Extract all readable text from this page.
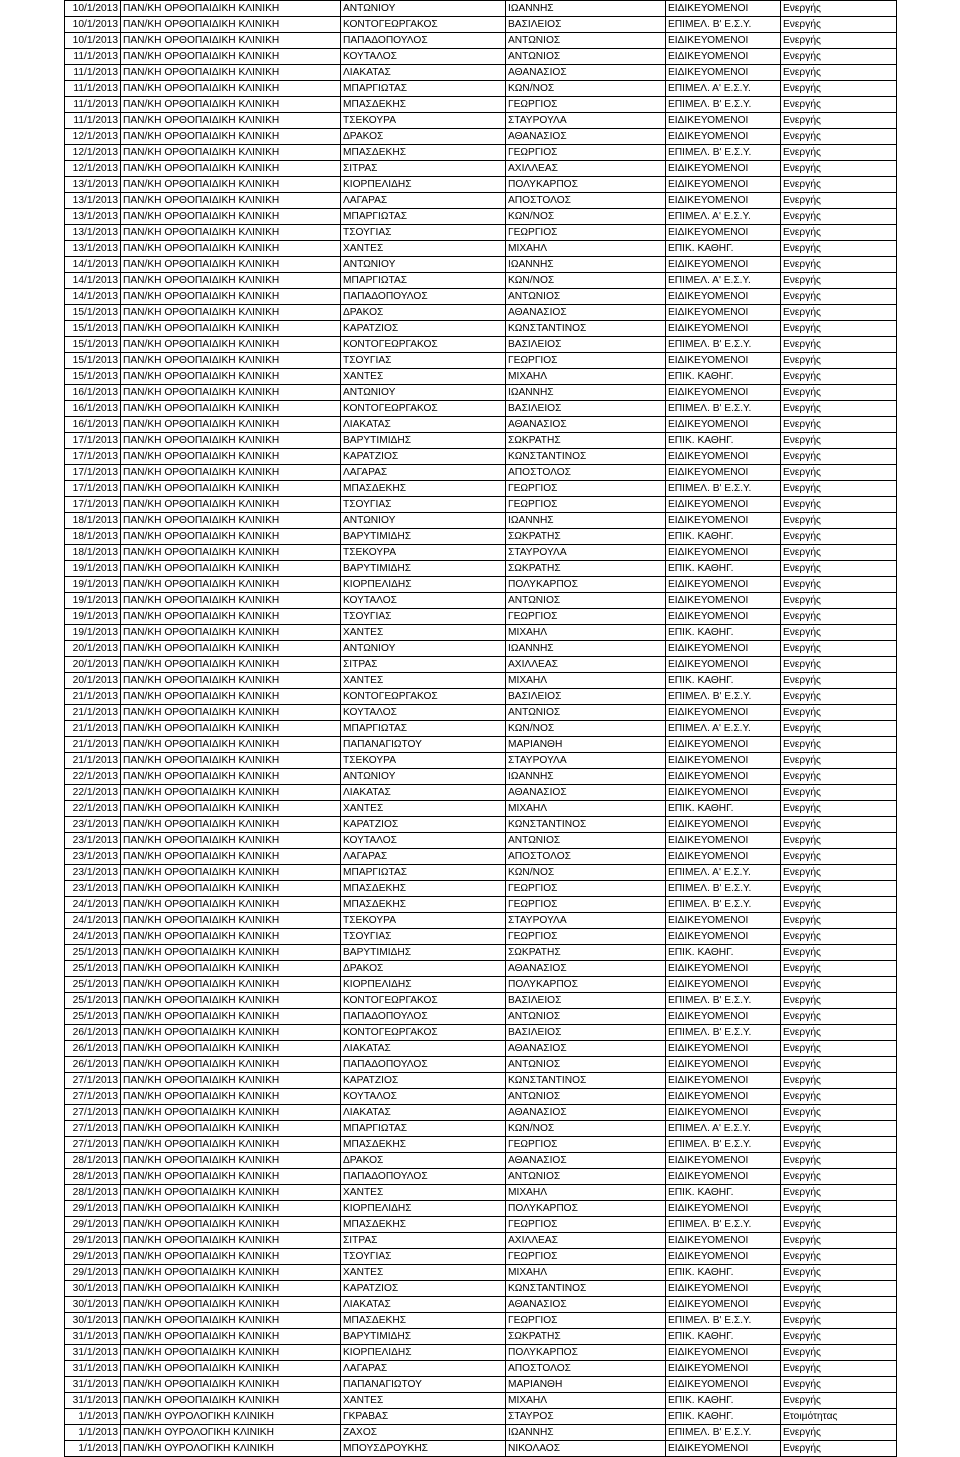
10/1/2013	ΠΑΝ/ΚΗ ΟΡΘΟΠΑΙΔΙΚΗ ΚΛΙΝΙΚΗ	ΑΝΤΩΝΙΟΥ	ΙΩΑΝΝΗΣ	ΕΙΔΙΚΕΥΟΜΕΝΟΙ	Ενεργής
10/1/2013	ΠΑΝ/ΚΗ ΟΡΘΟΠΑΙΔΙΚΗ ΚΛΙΝΙΚΗ	ΚΟΝΤΟΓΕΩΡΓΑΚΟΣ	ΒΑΣΙΛΕΙΟΣ	ΕΠΙΜΕΛ. Β' Ε.Σ.Υ.	Ενεργής
10/1/2013	ΠΑΝ/ΚΗ ΟΡΘΟΠΑΙΔΙΚΗ ΚΛΙΝΙΚΗ	ΠΑΠΑΔΟΠΟΥΛΟΣ	ΑΝΤΩΝΙΟΣ	ΕΙΔΙΚΕΥΟΜΕΝΟΙ	Ενεργής
11/1/2013	ΠΑΝ/ΚΗ ΟΡΘΟΠΑΙΔΙΚΗ ΚΛΙΝΙΚΗ	ΚΟΥΤΑΛΟΣ	ΑΝΤΩΝΙΟΣ	ΕΙΔΙΚΕΥΟΜΕΝΟΙ	Ενεργής
11/1/2013	ΠΑΝ/ΚΗ ΟΡΘΟΠΑΙΔΙΚΗ ΚΛΙΝΙΚΗ	ΛΙΑΚΑΤΑΣ	ΑΘΑΝΑΣΙΟΣ	ΕΙΔΙΚΕΥΟΜΕΝΟΙ	Ενεργής
11/1/2013	ΠΑΝ/ΚΗ ΟΡΘΟΠΑΙΔΙΚΗ ΚΛΙΝΙΚΗ	ΜΠΑΡΓΙΩΤΑΣ	ΚΩΝ/ΝΟΣ	ΕΠΙΜΕΛ. Α' Ε.Σ.Υ.	Ενεργής
11/1/2013	ΠΑΝ/ΚΗ ΟΡΘΟΠΑΙΔΙΚΗ ΚΛΙΝΙΚΗ	ΜΠΑΣΔΕΚΗΣ	ΓΕΩΡΓΙΟΣ	ΕΠΙΜΕΛ. Β' Ε.Σ.Υ.	Ενεργής
11/1/2013	ΠΑΝ/ΚΗ ΟΡΘΟΠΑΙΔΙΚΗ ΚΛΙΝΙΚΗ	ΤΣΕΚΟΥΡΑ	ΣΤΑΥΡΟΥΛΑ	ΕΙΔΙΚΕΥΟΜΕΝΟΙ	Ενεργής
12/1/2013	ΠΑΝ/ΚΗ ΟΡΘΟΠΑΙΔΙΚΗ ΚΛΙΝΙΚΗ	ΔΡΑΚΟΣ	ΑΘΑΝΑΣΙΟΣ	ΕΙΔΙΚΕΥΟΜΕΝΟΙ	Ενεργής
12/1/2013	ΠΑΝ/ΚΗ ΟΡΘΟΠΑΙΔΙΚΗ ΚΛΙΝΙΚΗ	ΜΠΑΣΔΕΚΗΣ	ΓΕΩΡΓΙΟΣ	ΕΠΙΜΕΛ. Β' Ε.Σ.Υ.	Ενεργής
12/1/2013	ΠΑΝ/ΚΗ ΟΡΘΟΠΑΙΔΙΚΗ ΚΛΙΝΙΚΗ	ΣΙΤΡΑΣ	ΑΧΙΛΛΕΑΣ	ΕΙΔΙΚΕΥΟΜΕΝΟΙ	Ενεργής
13/1/2013	ΠΑΝ/ΚΗ ΟΡΘΟΠΑΙΔΙΚΗ ΚΛΙΝΙΚΗ	ΚΙΟΡΠΕΛΙΔΗΣ	ΠΟΛΥΚΑΡΠΟΣ	ΕΙΔΙΚΕΥΟΜΕΝΟΙ	Ενεργής
13/1/2013	ΠΑΝ/ΚΗ ΟΡΘΟΠΑΙΔΙΚΗ ΚΛΙΝΙΚΗ	ΛΑΓΑΡΑΣ	ΑΠΟΣΤΟΛΟΣ	ΕΙΔΙΚΕΥΟΜΕΝΟΙ	Ενεργής
13/1/2013	ΠΑΝ/ΚΗ ΟΡΘΟΠΑΙΔΙΚΗ ΚΛΙΝΙΚΗ	ΜΠΑΡΓΙΩΤΑΣ	ΚΩΝ/ΝΟΣ	ΕΠΙΜΕΛ. Α' Ε.Σ.Υ.	Ενεργής
13/1/2013	ΠΑΝ/ΚΗ ΟΡΘΟΠΑΙΔΙΚΗ ΚΛΙΝΙΚΗ	ΤΣΟΥΓΙΑΣ	ΓΕΩΡΓΙΟΣ	ΕΙΔΙΚΕΥΟΜΕΝΟΙ	Ενεργής
13/1/2013	ΠΑΝ/ΚΗ ΟΡΘΟΠΑΙΔΙΚΗ ΚΛΙΝΙΚΗ	ΧΑΝΤΕΣ	ΜΙΧΑΗΛ	ΕΠΙΚ. ΚΑΘΗΓ.	Ενεργής
14/1/2013	ΠΑΝ/ΚΗ ΟΡΘΟΠΑΙΔΙΚΗ ΚΛΙΝΙΚΗ	ΑΝΤΩΝΙΟΥ	ΙΩΑΝΝΗΣ	ΕΙΔΙΚΕΥΟΜΕΝΟΙ	Ενεργής
14/1/2013	ΠΑΝ/ΚΗ ΟΡΘΟΠΑΙΔΙΚΗ ΚΛΙΝΙΚΗ	ΜΠΑΡΓΙΩΤΑΣ	ΚΩΝ/ΝΟΣ	ΕΠΙΜΕΛ. Α' Ε.Σ.Υ.	Ενεργής
14/1/2013	ΠΑΝ/ΚΗ ΟΡΘΟΠΑΙΔΙΚΗ ΚΛΙΝΙΚΗ	ΠΑΠΑΔΟΠΟΥΛΟΣ	ΑΝΤΩΝΙΟΣ	ΕΙΔΙΚΕΥΟΜΕΝΟΙ	Ενεργής
15/1/2013	ΠΑΝ/ΚΗ ΟΡΘΟΠΑΙΔΙΚΗ ΚΛΙΝΙΚΗ	ΔΡΑΚΟΣ	ΑΘΑΝΑΣΙΟΣ	ΕΙΔΙΚΕΥΟΜΕΝΟΙ	Ενεργής
15/1/2013	ΠΑΝ/ΚΗ ΟΡΘΟΠΑΙΔΙΚΗ ΚΛΙΝΙΚΗ	ΚΑΡΑΤΖΙΟΣ	ΚΩΝΣΤΑΝΤΙΝΟΣ	ΕΙΔΙΚΕΥΟΜΕΝΟΙ	Ενεργής
15/1/2013	ΠΑΝ/ΚΗ ΟΡΘΟΠΑΙΔΙΚΗ ΚΛΙΝΙΚΗ	ΚΟΝΤΟΓΕΩΡΓΑΚΟΣ	ΒΑΣΙΛΕΙΟΣ	ΕΠΙΜΕΛ. Β' Ε.Σ.Υ.	Ενεργής
15/1/2013	ΠΑΝ/ΚΗ ΟΡΘΟΠΑΙΔΙΚΗ ΚΛΙΝΙΚΗ	ΤΣΟΥΓΙΑΣ	ΓΕΩΡΓΙΟΣ	ΕΙΔΙΚΕΥΟΜΕΝΟΙ	Ενεργής
15/1/2013	ΠΑΝ/ΚΗ ΟΡΘΟΠΑΙΔΙΚΗ ΚΛΙΝΙΚΗ	ΧΑΝΤΕΣ	ΜΙΧΑΗΛ	ΕΠΙΚ. ΚΑΘΗΓ.	Ενεργής
16/1/2013	ΠΑΝ/ΚΗ ΟΡΘΟΠΑΙΔΙΚΗ ΚΛΙΝΙΚΗ	ΑΝΤΩΝΙΟΥ	ΙΩΑΝΝΗΣ	ΕΙΔΙΚΕΥΟΜΕΝΟΙ	Ενεργής
16/1/2013	ΠΑΝ/ΚΗ ΟΡΘΟΠΑΙΔΙΚΗ ΚΛΙΝΙΚΗ	ΚΟΝΤΟΓΕΩΡΓΑΚΟΣ	ΒΑΣΙΛΕΙΟΣ	ΕΠΙΜΕΛ. Β' Ε.Σ.Υ.	Ενεργής
16/1/2013	ΠΑΝ/ΚΗ ΟΡΘΟΠΑΙΔΙΚΗ ΚΛΙΝΙΚΗ	ΛΙΑΚΑΤΑΣ	ΑΘΑΝΑΣΙΟΣ	ΕΙΔΙΚΕΥΟΜΕΝΟΙ	Ενεργής
17/1/2013	ΠΑΝ/ΚΗ ΟΡΘΟΠΑΙΔΙΚΗ ΚΛΙΝΙΚΗ	ΒΑΡΥΤΙΜΙΔΗΣ	ΣΩΚΡΑΤΗΣ	ΕΠΙΚ. ΚΑΘΗΓ.	Ενεργής
17/1/2013	ΠΑΝ/ΚΗ ΟΡΘΟΠΑΙΔΙΚΗ ΚΛΙΝΙΚΗ	ΚΑΡΑΤΖΙΟΣ	ΚΩΝΣΤΑΝΤΙΝΟΣ	ΕΙΔΙΚΕΥΟΜΕΝΟΙ	Ενεργής
17/1/2013	ΠΑΝ/ΚΗ ΟΡΘΟΠΑΙΔΙΚΗ ΚΛΙΝΙΚΗ	ΛΑΓΑΡΑΣ	ΑΠΟΣΤΟΛΟΣ	ΕΙΔΙΚΕΥΟΜΕΝΟΙ	Ενεργής
17/1/2013	ΠΑΝ/ΚΗ ΟΡΘΟΠΑΙΔΙΚΗ ΚΛΙΝΙΚΗ	ΜΠΑΣΔΕΚΗΣ	ΓΕΩΡΓΙΟΣ	ΕΠΙΜΕΛ. Β' Ε.Σ.Υ.	Ενεργής
17/1/2013	ΠΑΝ/ΚΗ ΟΡΘΟΠΑΙΔΙΚΗ ΚΛΙΝΙΚΗ	ΤΣΟΥΓΙΑΣ	ΓΕΩΡΓΙΟΣ	ΕΙΔΙΚΕΥΟΜΕΝΟΙ	Ενεργής
18/1/2013	ΠΑΝ/ΚΗ ΟΡΘΟΠΑΙΔΙΚΗ ΚΛΙΝΙΚΗ	ΑΝΤΩΝΙΟΥ	ΙΩΑΝΝΗΣ	ΕΙΔΙΚΕΥΟΜΕΝΟΙ	Ενεργής
18/1/2013	ΠΑΝ/ΚΗ ΟΡΘΟΠΑΙΔΙΚΗ ΚΛΙΝΙΚΗ	ΒΑΡΥΤΙΜΙΔΗΣ	ΣΩΚΡΑΤΗΣ	ΕΠΙΚ. ΚΑΘΗΓ.	Ενεργής
18/1/2013	ΠΑΝ/ΚΗ ΟΡΘΟΠΑΙΔΙΚΗ ΚΛΙΝΙΚΗ	ΤΣΕΚΟΥΡΑ	ΣΤΑΥΡΟΥΛΑ	ΕΙΔΙΚΕΥΟΜΕΝΟΙ	Ενεργής
19/1/2013	ΠΑΝ/ΚΗ ΟΡΘΟΠΑΙΔΙΚΗ ΚΛΙΝΙΚΗ	ΒΑΡΥΤΙΜΙΔΗΣ	ΣΩΚΡΑΤΗΣ	ΕΠΙΚ. ΚΑΘΗΓ.	Ενεργής
19/1/2013	ΠΑΝ/ΚΗ ΟΡΘΟΠΑΙΔΙΚΗ ΚΛΙΝΙΚΗ	ΚΙΟΡΠΕΛΙΔΗΣ	ΠΟΛΥΚΑΡΠΟΣ	ΕΙΔΙΚΕΥΟΜΕΝΟΙ	Ενεργής
19/1/2013	ΠΑΝ/ΚΗ ΟΡΘΟΠΑΙΔΙΚΗ ΚΛΙΝΙΚΗ	ΚΟΥΤΑΛΟΣ	ΑΝΤΩΝΙΟΣ	ΕΙΔΙΚΕΥΟΜΕΝΟΙ	Ενεργής
19/1/2013	ΠΑΝ/ΚΗ ΟΡΘΟΠΑΙΔΙΚΗ ΚΛΙΝΙΚΗ	ΤΣΟΥΓΙΑΣ	ΓΕΩΡΓΙΟΣ	ΕΙΔΙΚΕΥΟΜΕΝΟΙ	Ενεργής
19/1/2013	ΠΑΝ/ΚΗ ΟΡΘΟΠΑΙΔΙΚΗ ΚΛΙΝΙΚΗ	ΧΑΝΤΕΣ	ΜΙΧΑΗΛ	ΕΠΙΚ. ΚΑΘΗΓ.	Ενεργής
20/1/2013	ΠΑΝ/ΚΗ ΟΡΘΟΠΑΙΔΙΚΗ ΚΛΙΝΙΚΗ	ΑΝΤΩΝΙΟΥ	ΙΩΑΝΝΗΣ	ΕΙΔΙΚΕΥΟΜΕΝΟΙ	Ενεργής
20/1/2013	ΠΑΝ/ΚΗ ΟΡΘΟΠΑΙΔΙΚΗ ΚΛΙΝΙΚΗ	ΣΙΤΡΑΣ	ΑΧΙΛΛΕΑΣ	ΕΙΔΙΚΕΥΟΜΕΝΟΙ	Ενεργής
20/1/2013	ΠΑΝ/ΚΗ ΟΡΘΟΠΑΙΔΙΚΗ ΚΛΙΝΙΚΗ	ΧΑΝΤΕΣ	ΜΙΧΑΗΛ	ΕΠΙΚ. ΚΑΘΗΓ.	Ενεργής
21/1/2013	ΠΑΝ/ΚΗ ΟΡΘΟΠΑΙΔΙΚΗ ΚΛΙΝΙΚΗ	ΚΟΝΤΟΓΕΩΡΓΑΚΟΣ	ΒΑΣΙΛΕΙΟΣ	ΕΠΙΜΕΛ. Β' Ε.Σ.Υ.	Ενεργής
21/1/2013	ΠΑΝ/ΚΗ ΟΡΘΟΠΑΙΔΙΚΗ ΚΛΙΝΙΚΗ	ΚΟΥΤΑΛΟΣ	ΑΝΤΩΝΙΟΣ	ΕΙΔΙΚΕΥΟΜΕΝΟΙ	Ενεργής
21/1/2013	ΠΑΝ/ΚΗ ΟΡΘΟΠΑΙΔΙΚΗ ΚΛΙΝΙΚΗ	ΜΠΑΡΓΙΩΤΑΣ	ΚΩΝ/ΝΟΣ	ΕΠΙΜΕΛ. Α' Ε.Σ.Υ.	Ενεργής
21/1/2013	ΠΑΝ/ΚΗ ΟΡΘΟΠΑΙΔΙΚΗ ΚΛΙΝΙΚΗ	ΠΑΠΑΝΑΓΙΩΤΟΥ	ΜΑΡΙΑΝΘΗ	ΕΙΔΙΚΕΥΟΜΕΝΟΙ	Ενεργής
21/1/2013	ΠΑΝ/ΚΗ ΟΡΘΟΠΑΙΔΙΚΗ ΚΛΙΝΙΚΗ	ΤΣΕΚΟΥΡΑ	ΣΤΑΥΡΟΥΛΑ	ΕΙΔΙΚΕΥΟΜΕΝΟΙ	Ενεργής
22/1/2013	ΠΑΝ/ΚΗ ΟΡΘΟΠΑΙΔΙΚΗ ΚΛΙΝΙΚΗ	ΑΝΤΩΝΙΟΥ	ΙΩΑΝΝΗΣ	ΕΙΔΙΚΕΥΟΜΕΝΟΙ	Ενεργής
22/1/2013	ΠΑΝ/ΚΗ ΟΡΘΟΠΑΙΔΙΚΗ ΚΛΙΝΙΚΗ	ΛΙΑΚΑΤΑΣ	ΑΘΑΝΑΣΙΟΣ	ΕΙΔΙΚΕΥΟΜΕΝΟΙ	Ενεργής
22/1/2013	ΠΑΝ/ΚΗ ΟΡΘΟΠΑΙΔΙΚΗ ΚΛΙΝΙΚΗ	ΧΑΝΤΕΣ	ΜΙΧΑΗΛ	ΕΠΙΚ. ΚΑΘΗΓ.	Ενεργής
23/1/2013	ΠΑΝ/ΚΗ ΟΡΘΟΠΑΙΔΙΚΗ ΚΛΙΝΙΚΗ	ΚΑΡΑΤΖΙΟΣ	ΚΩΝΣΤΑΝΤΙΝΟΣ	ΕΙΔΙΚΕΥΟΜΕΝΟΙ	Ενεργής
23/1/2013	ΠΑΝ/ΚΗ ΟΡΘΟΠΑΙΔΙΚΗ ΚΛΙΝΙΚΗ	ΚΟΥΤΑΛΟΣ	ΑΝΤΩΝΙΟΣ	ΕΙΔΙΚΕΥΟΜΕΝΟΙ	Ενεργής
23/1/2013	ΠΑΝ/ΚΗ ΟΡΘΟΠΑΙΔΙΚΗ ΚΛΙΝΙΚΗ	ΛΑΓΑΡΑΣ	ΑΠΟΣΤΟΛΟΣ	ΕΙΔΙΚΕΥΟΜΕΝΟΙ	Ενεργής
23/1/2013	ΠΑΝ/ΚΗ ΟΡΘΟΠΑΙΔΙΚΗ ΚΛΙΝΙΚΗ	ΜΠΑΡΓΙΩΤΑΣ	ΚΩΝ/ΝΟΣ	ΕΠΙΜΕΛ. Α' Ε.Σ.Υ.	Ενεργής
23/1/2013	ΠΑΝ/ΚΗ ΟΡΘΟΠΑΙΔΙΚΗ ΚΛΙΝΙΚΗ	ΜΠΑΣΔΕΚΗΣ	ΓΕΩΡΓΙΟΣ	ΕΠΙΜΕΛ. Β' Ε.Σ.Υ.	Ενεργής
24/1/2013	ΠΑΝ/ΚΗ ΟΡΘΟΠΑΙΔΙΚΗ ΚΛΙΝΙΚΗ	ΜΠΑΣΔΕΚΗΣ	ΓΕΩΡΓΙΟΣ	ΕΠΙΜΕΛ. Β' Ε.Σ.Υ.	Ενεργής
24/1/2013	ΠΑΝ/ΚΗ ΟΡΘΟΠΑΙΔΙΚΗ ΚΛΙΝΙΚΗ	ΤΣΕΚΟΥΡΑ	ΣΤΑΥΡΟΥΛΑ	ΕΙΔΙΚΕΥΟΜΕΝΟΙ	Ενεργής
24/1/2013	ΠΑΝ/ΚΗ ΟΡΘΟΠΑΙΔΙΚΗ ΚΛΙΝΙΚΗ	ΤΣΟΥΓΙΑΣ	ΓΕΩΡΓΙΟΣ	ΕΙΔΙΚΕΥΟΜΕΝΟΙ	Ενεργής
25/1/2013	ΠΑΝ/ΚΗ ΟΡΘΟΠΑΙΔΙΚΗ ΚΛΙΝΙΚΗ	ΒΑΡΥΤΙΜΙΔΗΣ	ΣΩΚΡΑΤΗΣ	ΕΠΙΚ. ΚΑΘΗΓ.	Ενεργής
25/1/2013	ΠΑΝ/ΚΗ ΟΡΘΟΠΑΙΔΙΚΗ ΚΛΙΝΙΚΗ	ΔΡΑΚΟΣ	ΑΘΑΝΑΣΙΟΣ	ΕΙΔΙΚΕΥΟΜΕΝΟΙ	Ενεργής
25/1/2013	ΠΑΝ/ΚΗ ΟΡΘΟΠΑΙΔΙΚΗ ΚΛΙΝΙΚΗ	ΚΙΟΡΠΕΛΙΔΗΣ	ΠΟΛΥΚΑΡΠΟΣ	ΕΙΔΙΚΕΥΟΜΕΝΟΙ	Ενεργής
25/1/2013	ΠΑΝ/ΚΗ ΟΡΘΟΠΑΙΔΙΚΗ ΚΛΙΝΙΚΗ	ΚΟΝΤΟΓΕΩΡΓΑΚΟΣ	ΒΑΣΙΛΕΙΟΣ	ΕΠΙΜΕΛ. Β' Ε.Σ.Υ.	Ενεργής
25/1/2013	ΠΑΝ/ΚΗ ΟΡΘΟΠΑΙΔΙΚΗ ΚΛΙΝΙΚΗ	ΠΑΠΑΔΟΠΟΥΛΟΣ	ΑΝΤΩΝΙΟΣ	ΕΙΔΙΚΕΥΟΜΕΝΟΙ	Ενεργής
26/1/2013	ΠΑΝ/ΚΗ ΟΡΘΟΠΑΙΔΙΚΗ ΚΛΙΝΙΚΗ	ΚΟΝΤΟΓΕΩΡΓΑΚΟΣ	ΒΑΣΙΛΕΙΟΣ	ΕΠΙΜΕΛ. Β' Ε.Σ.Υ.	Ενεργής
26/1/2013	ΠΑΝ/ΚΗ ΟΡΘΟΠΑΙΔΙΚΗ ΚΛΙΝΙΚΗ	ΛΙΑΚΑΤΑΣ	ΑΘΑΝΑΣΙΟΣ	ΕΙΔΙΚΕΥΟΜΕΝΟΙ	Ενεργής
26/1/2013	ΠΑΝ/ΚΗ ΟΡΘΟΠΑΙΔΙΚΗ ΚΛΙΝΙΚΗ	ΠΑΠΑΔΟΠΟΥΛΟΣ	ΑΝΤΩΝΙΟΣ	ΕΙΔΙΚΕΥΟΜΕΝΟΙ	Ενεργής
27/1/2013	ΠΑΝ/ΚΗ ΟΡΘΟΠΑΙΔΙΚΗ ΚΛΙΝΙΚΗ	ΚΑΡΑΤΖΙΟΣ	ΚΩΝΣΤΑΝΤΙΝΟΣ	ΕΙΔΙΚΕΥΟΜΕΝΟΙ	Ενεργής
27/1/2013	ΠΑΝ/ΚΗ ΟΡΘΟΠΑΙΔΙΚΗ ΚΛΙΝΙΚΗ	ΚΟΥΤΑΛΟΣ	ΑΝΤΩΝΙΟΣ	ΕΙΔΙΚΕΥΟΜΕΝΟΙ	Ενεργής
27/1/2013	ΠΑΝ/ΚΗ ΟΡΘΟΠΑΙΔΙΚΗ ΚΛΙΝΙΚΗ	ΛΙΑΚΑΤΑΣ	ΑΘΑΝΑΣΙΟΣ	ΕΙΔΙΚΕΥΟΜΕΝΟΙ	Ενεργής
27/1/2013	ΠΑΝ/ΚΗ ΟΡΘΟΠΑΙΔΙΚΗ ΚΛΙΝΙΚΗ	ΜΠΑΡΓΙΩΤΑΣ	ΚΩΝ/ΝΟΣ	ΕΠΙΜΕΛ. Α' Ε.Σ.Υ.	Ενεργής
27/1/2013	ΠΑΝ/ΚΗ ΟΡΘΟΠΑΙΔΙΚΗ ΚΛΙΝΙΚΗ	ΜΠΑΣΔΕΚΗΣ	ΓΕΩΡΓΙΟΣ	ΕΠΙΜΕΛ. Β' Ε.Σ.Υ.	Ενεργής
28/1/2013	ΠΑΝ/ΚΗ ΟΡΘΟΠΑΙΔΙΚΗ ΚΛΙΝΙΚΗ	ΔΡΑΚΟΣ	ΑΘΑΝΑΣΙΟΣ	ΕΙΔΙΚΕΥΟΜΕΝΟΙ	Ενεργής
28/1/2013	ΠΑΝ/ΚΗ ΟΡΘΟΠΑΙΔΙΚΗ ΚΛΙΝΙΚΗ	ΠΑΠΑΔΟΠΟΥΛΟΣ	ΑΝΤΩΝΙΟΣ	ΕΙΔΙΚΕΥΟΜΕΝΟΙ	Ενεργής
28/1/2013	ΠΑΝ/ΚΗ ΟΡΘΟΠΑΙΔΙΚΗ ΚΛΙΝΙΚΗ	ΧΑΝΤΕΣ	ΜΙΧΑΗΛ	ΕΠΙΚ. ΚΑΘΗΓ.	Ενεργής
29/1/2013	ΠΑΝ/ΚΗ ΟΡΘΟΠΑΙΔΙΚΗ ΚΛΙΝΙΚΗ	ΚΙΟΡΠΕΛΙΔΗΣ	ΠΟΛΥΚΑΡΠΟΣ	ΕΙΔΙΚΕΥΟΜΕΝΟΙ	Ενεργής
29/1/2013	ΠΑΝ/ΚΗ ΟΡΘΟΠΑΙΔΙΚΗ ΚΛΙΝΙΚΗ	ΜΠΑΣΔΕΚΗΣ	ΓΕΩΡΓΙΟΣ	ΕΠΙΜΕΛ. Β' Ε.Σ.Υ.	Ενεργής
29/1/2013	ΠΑΝ/ΚΗ ΟΡΘΟΠΑΙΔΙΚΗ ΚΛΙΝΙΚΗ	ΣΙΤΡΑΣ	ΑΧΙΛΛΕΑΣ	ΕΙΔΙΚΕΥΟΜΕΝΟΙ	Ενεργής
29/1/2013	ΠΑΝ/ΚΗ ΟΡΘΟΠΑΙΔΙΚΗ ΚΛΙΝΙΚΗ	ΤΣΟΥΓΙΑΣ	ΓΕΩΡΓΙΟΣ	ΕΙΔΙΚΕΥΟΜΕΝΟΙ	Ενεργής
29/1/2013	ΠΑΝ/ΚΗ ΟΡΘΟΠΑΙΔΙΚΗ ΚΛΙΝΙΚΗ	ΧΑΝΤΕΣ	ΜΙΧΑΗΛ	ΕΠΙΚ. ΚΑΘΗΓ.	Ενεργής
30/1/2013	ΠΑΝ/ΚΗ ΟΡΘΟΠΑΙΔΙΚΗ ΚΛΙΝΙΚΗ	ΚΑΡΑΤΖΙΟΣ	ΚΩΝΣΤΑΝΤΙΝΟΣ	ΕΙΔΙΚΕΥΟΜΕΝΟΙ	Ενεργής
30/1/2013	ΠΑΝ/ΚΗ ΟΡΘΟΠΑΙΔΙΚΗ ΚΛΙΝΙΚΗ	ΛΙΑΚΑΤΑΣ	ΑΘΑΝΑΣΙΟΣ	ΕΙΔΙΚΕΥΟΜΕΝΟΙ	Ενεργής
30/1/2013	ΠΑΝ/ΚΗ ΟΡΘΟΠΑΙΔΙΚΗ ΚΛΙΝΙΚΗ	ΜΠΑΣΔΕΚΗΣ	ΓΕΩΡΓΙΟΣ	ΕΠΙΜΕΛ. Β' Ε.Σ.Υ.	Ενεργής
31/1/2013	ΠΑΝ/ΚΗ ΟΡΘΟΠΑΙΔΙΚΗ ΚΛΙΝΙΚΗ	ΒΑΡΥΤΙΜΙΔΗΣ	ΣΩΚΡΑΤΗΣ	ΕΠΙΚ. ΚΑΘΗΓ.	Ενεργής
31/1/2013	ΠΑΝ/ΚΗ ΟΡΘΟΠΑΙΔΙΚΗ ΚΛΙΝΙΚΗ	ΚΙΟΡΠΕΛΙΔΗΣ	ΠΟΛΥΚΑΡΠΟΣ	ΕΙΔΙΚΕΥΟΜΕΝΟΙ	Ενεργής
31/1/2013	ΠΑΝ/ΚΗ ΟΡΘΟΠΑΙΔΙΚΗ ΚΛΙΝΙΚΗ	ΛΑΓΑΡΑΣ	ΑΠΟΣΤΟΛΟΣ	ΕΙΔΙΚΕΥΟΜΕΝΟΙ	Ενεργής
31/1/2013	ΠΑΝ/ΚΗ ΟΡΘΟΠΑΙΔΙΚΗ ΚΛΙΝΙΚΗ	ΠΑΠΑΝΑΓΙΩΤΟΥ	ΜΑΡΙΑΝΘΗ	ΕΙΔΙΚΕΥΟΜΕΝΟΙ	Ενεργής
31/1/2013	ΠΑΝ/ΚΗ ΟΡΘΟΠΑΙΔΙΚΗ ΚΛΙΝΙΚΗ	ΧΑΝΤΕΣ	ΜΙΧΑΗΛ	ΕΠΙΚ. ΚΑΘΗΓ.	Ενεργής
1/1/2013	ΠΑΝ/ΚΗ ΟΥΡΟΛΟΓΙΚΗ ΚΛΙΝΙΚΗ	ΓΚΡΑΒΑΣ	ΣΤΑΥΡΟΣ	ΕΠΙΚ. ΚΑΘΗΓ.	Ετοιμότητας
1/1/2013	ΠΑΝ/ΚΗ ΟΥΡΟΛΟΓΙΚΗ ΚΛΙΝΙΚΗ	ΖΑΧΟΣ	ΙΩΑΝΝΗΣ	ΕΠΙΜΕΛ. Β' Ε.Σ.Υ.	Ενεργής
1/1/2013	ΠΑΝ/ΚΗ ΟΥΡΟΛΟΓΙΚΗ ΚΛΙΝΙΚΗ	ΜΠΟΥΣΔΡΟΥΚΗΣ	ΝΙΚΟΛΑΟΣ	ΕΙΔΙΚΕΥΟΜΕΝΟΙ	Ενεργής
